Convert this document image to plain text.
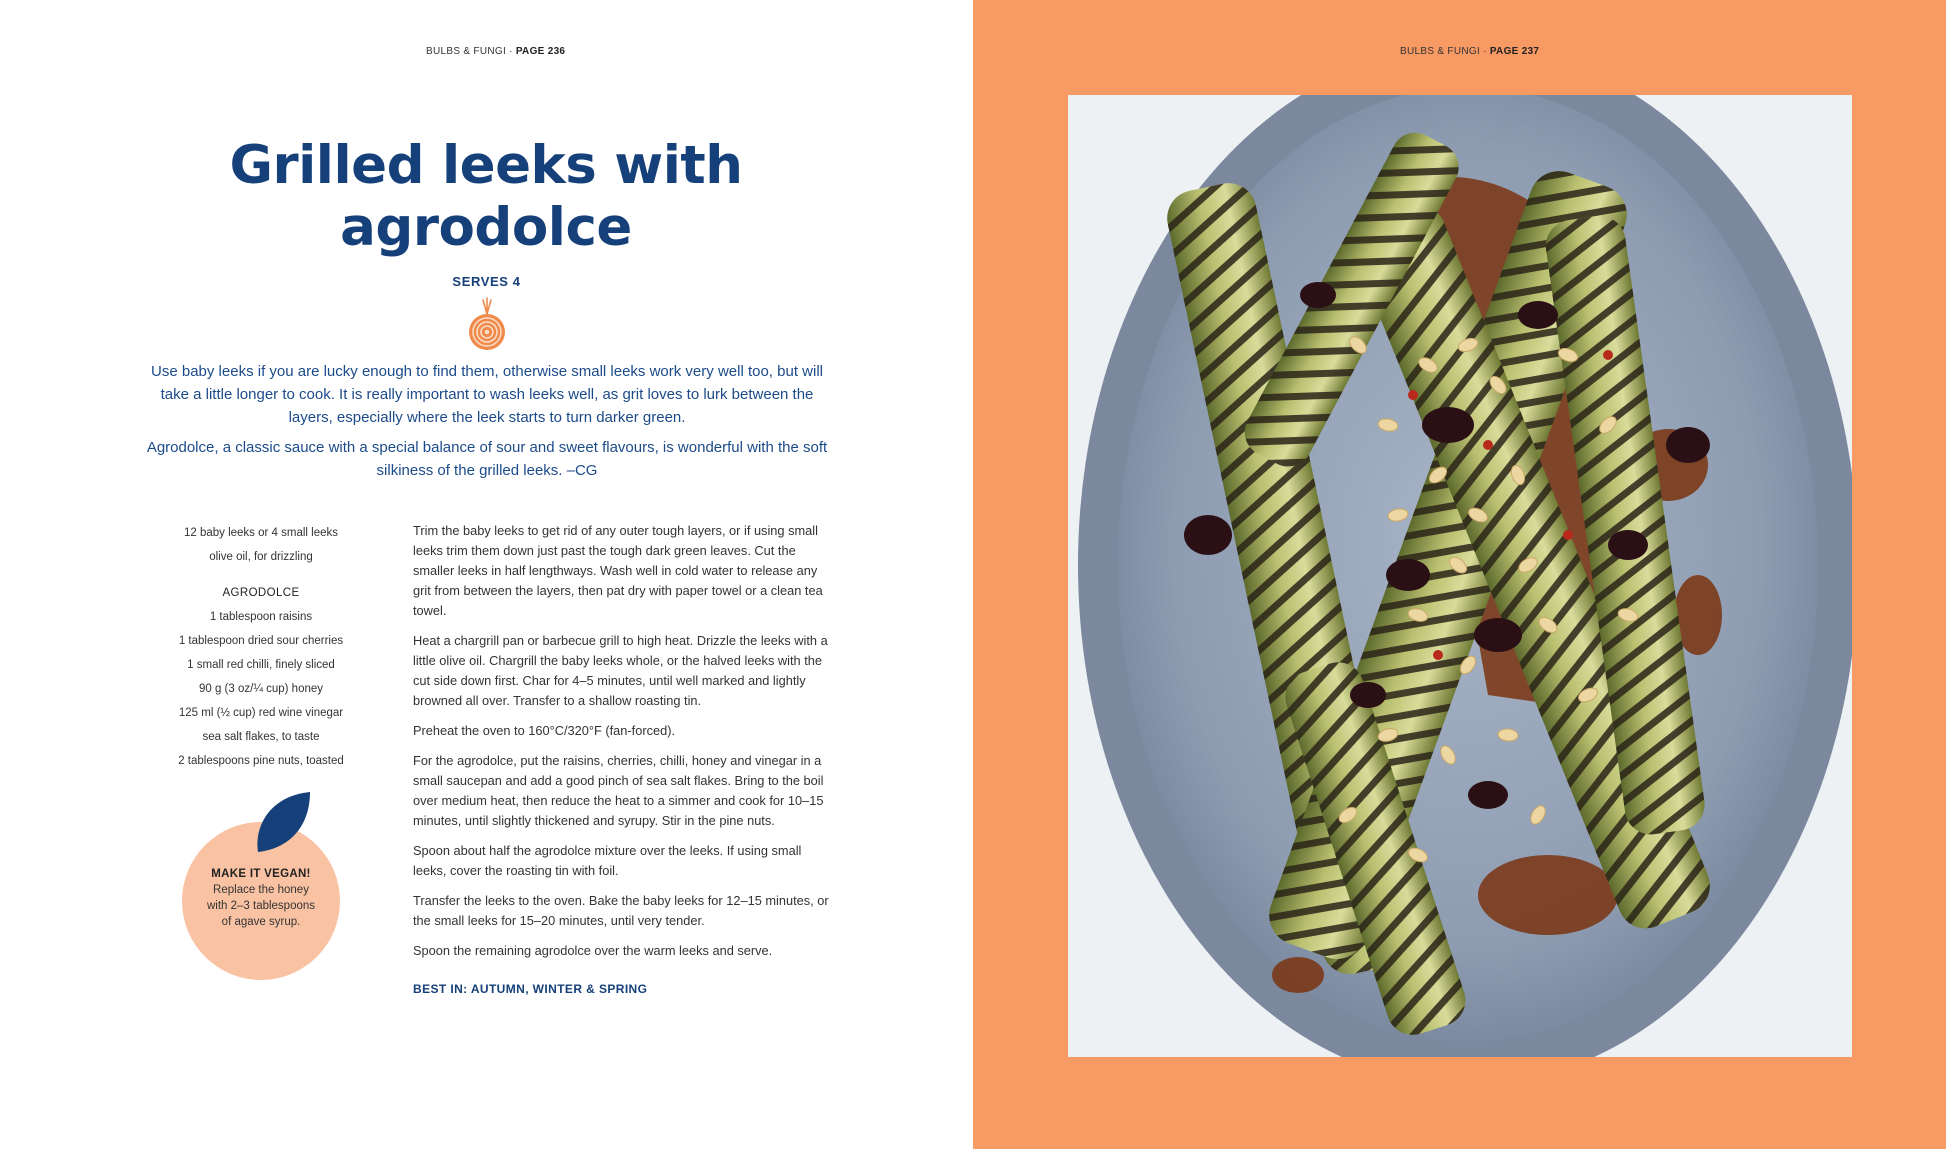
BULBS & FUNGI · PAGE 236
Grilled leeks with
agrodolce
SERVES 4

Use baby leeks if you are lucky enough to find them, otherwise small leeks work very well too, but will take a little longer to cook. It is really important to wash leeks well, as grit loves to lurk between the layers, especially where the leek starts to turn darker green.

Agrodolce, a classic sauce with a special balance of sour and sweet flavours, is wonderful with the soft silkiness of the grilled leeks. –CG

12 baby leeks or 4 small leeks
olive oil, for drizzling
AGRODOLCE
1 tablespoon raisins
1 tablespoon dried sour cherries
1 small red chilli, finely sliced
90 g (3 oz/¼ cup) honey
125 ml (½ cup) red wine vinegar
sea salt flakes, to taste
2 tablespoons pine nuts, toasted
MAKE IT VEGAN!
Replace the honey
with 2–3 tablespoons
of agave syrup.

Trim the baby leeks to get rid of any outer tough layers, or if using small leeks trim them down just past the tough dark green leaves. Cut the smaller leeks in half lengthways. Wash well in cold water to release any grit from between the layers, then pat dry with paper towel or a clean tea towel.

Heat a chargrill pan or barbecue grill to high heat. Drizzle the leeks with a little olive oil. Chargrill the baby leeks whole, or the halved leeks with the cut side down first. Char for 4–5 minutes, until well marked and lightly browned all over. Transfer to a shallow roasting tin.

Preheat the oven to 160°C/320°F (fan-forced).

For the agrodolce, put the raisins, cherries, chilli, honey and vinegar in a small saucepan and add a good pinch of sea salt flakes. Bring to the boil over medium heat, then reduce the heat to a simmer and cook for 10–15 minutes, until slightly thickened and syrupy. Stir in the pine nuts.

Spoon about half the agrodolce mixture over the leeks. If using small leeks, cover the roasting tin with foil.

Transfer the leeks to the oven. Bake the baby leeks for 12–15 minutes, or the small leeks for 15–20 minutes, until very tender.

Spoon the remaining agrodolce over the warm leeks and serve.

BEST IN: AUTUMN, WINTER & SPRING
BULBS & FUNGI · PAGE 237
